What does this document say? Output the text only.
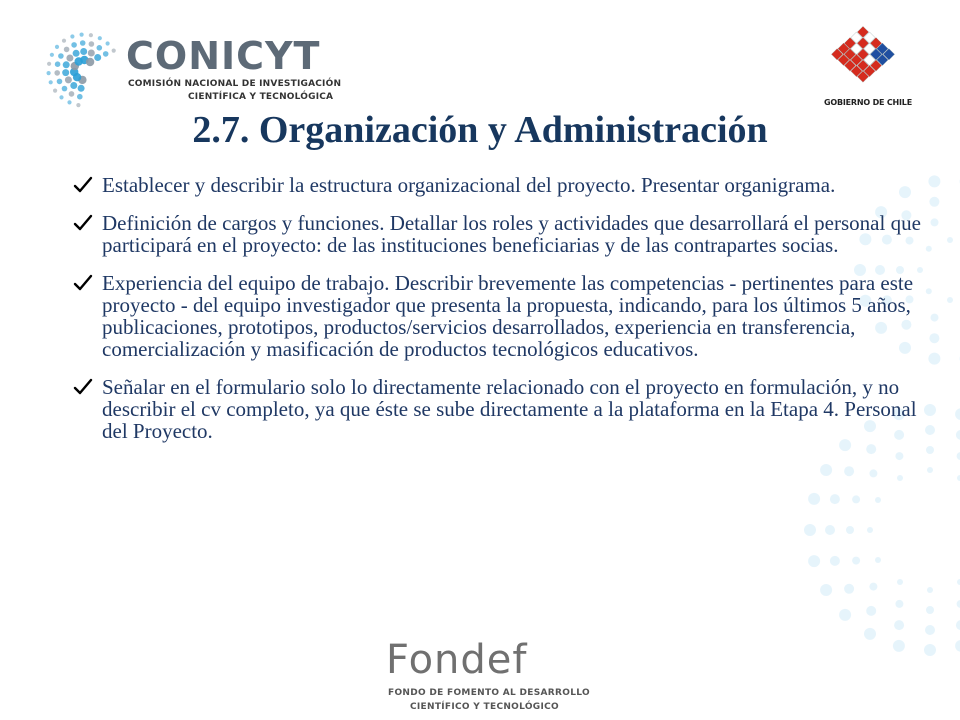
CONICYT
COMISIÓN NACIONAL DE INVESTIGACIÓN
CIENTÍFICA Y TECNOLÓGICA
GOBIERNO DE CHILE
2.7. Organización y Administración
Establecer y describir la estructura organizacional del proyecto. Presentar organigrama.
Definición de cargos y funciones. Detallar los roles y actividades que desarrollará el personal que participará en el proyecto: de las instituciones beneficiarias y de las contrapartes socias.
Experiencia del equipo de trabajo. Describir brevemente las competencias - pertinentes para este proyecto - del equipo investigador que presenta la propuesta, indicando, para los últimos 5 años, publicaciones, prototipos, productos/servicios desarrollados, experiencia en transferencia, comercialización y masificación de productos tecnológicos educativos.
Señalar en el formulario solo lo directamente relacionado con el proyecto en formulación, y no describir el cv completo, ya que éste se sube directamente a la plataforma en la Etapa 4. Personal del Proyecto.
Fondef
FONDO DE FOMENTO AL DESARROLLO
CIENTÍFICO Y TECNOLÓGICO
